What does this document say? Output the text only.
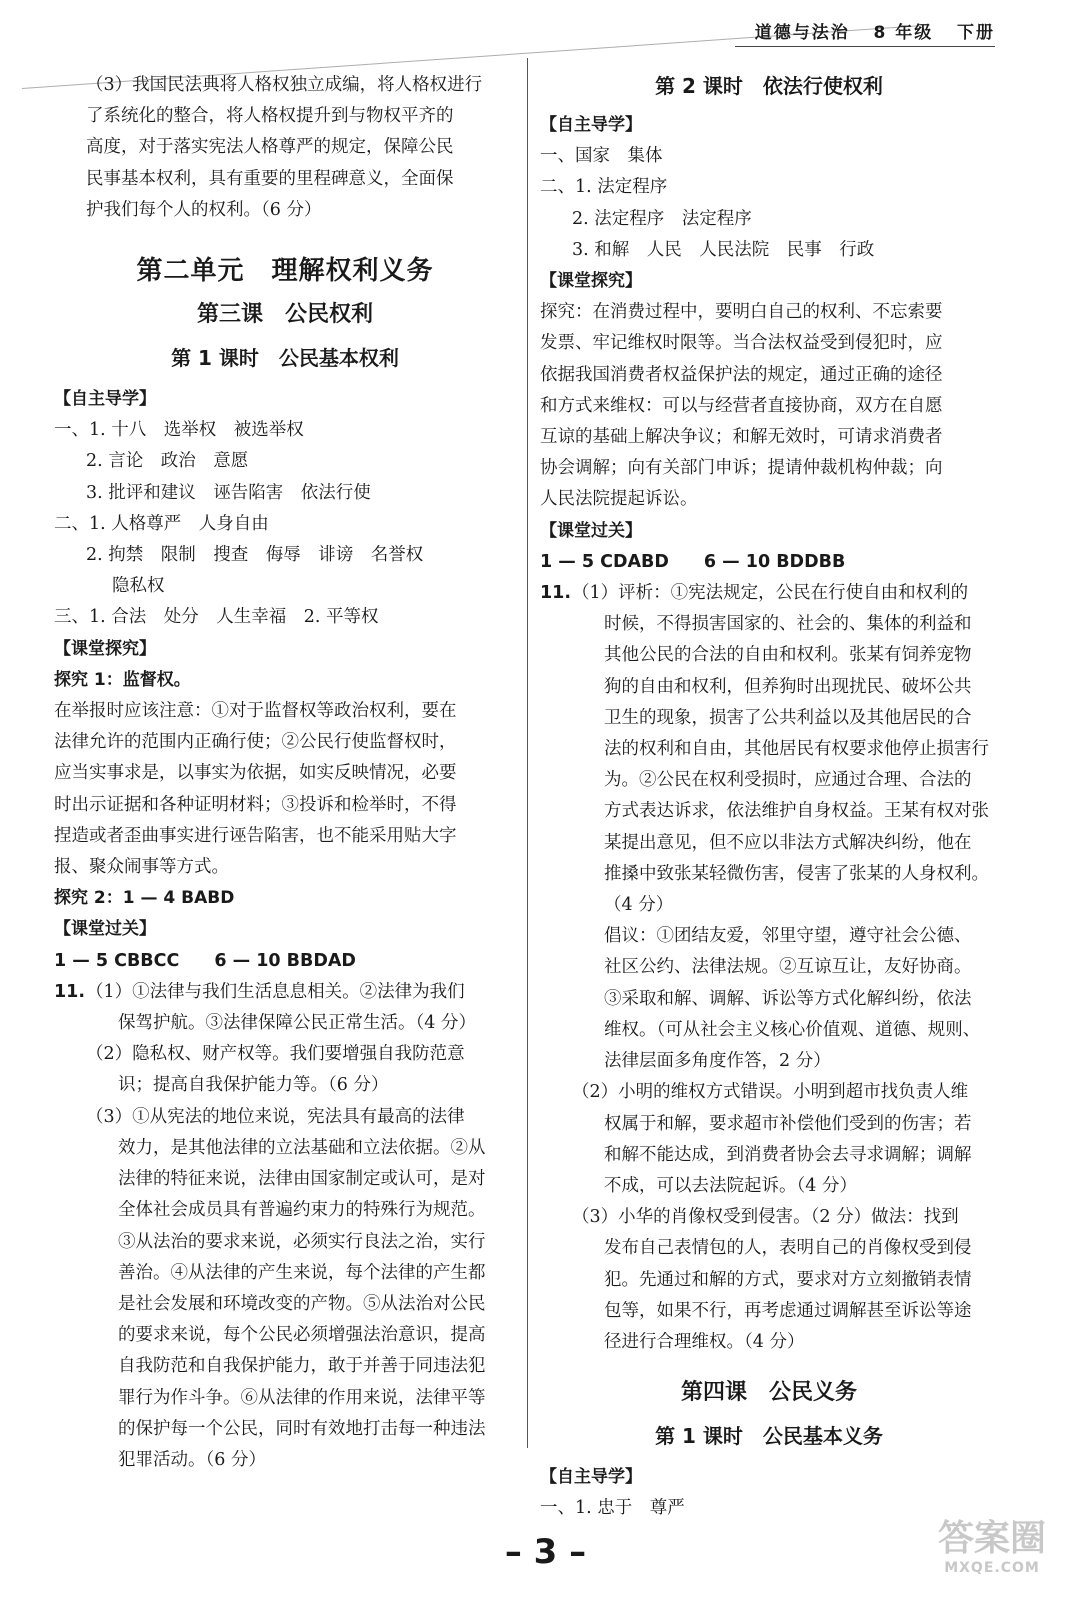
道德与法治 8 年级 下册
（3）我国民法典将人格权独立成编，将人格权进行
了系统化的整合，将人格权提升到与物权平齐的
高度，对于落实宪法人格尊严的规定，保障公民
民事基本权利，具有重要的里程碑意义，全面保
护我们每个人的权利。（6 分）
第二单元　理解权利义务
第三课　公民权利
第 1 课时　公民基本权利
【自主导学】
一、1. 十八　选举权　被选举权
2. 言论　政治　意愿
3. 批评和建议　诬告陷害　依法行使
二、1. 人格尊严　人身自由
2. 拘禁　限制　搜查　侮辱　诽谤　名誉权
隐私权
三、1. 合法　处分　人生幸福　2. 平等权
【课堂探究】
探究 1：监督权。
在举报时应该注意：①对于监督权等政治权利，要在
法律允许的范围内正确行使；②公民行使监督权时，
应当实事求是，以事实为依据，如实反映情况，必要
时出示证据和各种证明材料；③投诉和检举时，不得
捏造或者歪曲事实进行诬告陷害，也不能采用贴大字
报、聚众闹事等方式。
探究 2：1 — 4 BABD
【课堂过关】
1 — 5 CBBCC　　6 — 10 BBDAD
11. （1）①法律与我们生活息息相关。②法律为我们
保驾护航。③法律保障公民正常生活。（4 分）
（2）隐私权、财产权等。我们要增强自我防范意
识；提高自我保护能力等。（6 分）
（3）①从宪法的地位来说，宪法具有最高的法律
效力，是其他法律的立法基础和立法依据。②从
法律的特征来说，法律由国家制定或认可，是对
全体社会成员具有普遍约束力的特殊行为规范。
③从法治的要求来说，必须实行良法之治，实行
善治。④从法律的产生来说，每个法律的产生都
是社会发展和环境改变的产物。⑤从法治对公民
的要求来说，每个公民必须增强法治意识，提高
自我防范和自我保护能力，敢于并善于同违法犯
罪行为作斗争。⑥从法律的作用来说，法律平等
的保护每一个公民，同时有效地打击每一种违法
犯罪活动。（6 分）
第 2 课时　依法行使权利
【自主导学】
一、国家　集体
二、1. 法定程序
2. 法定程序　法定程序
3. 和解　人民　人民法院　民事　行政
【课堂探究】
探究：在消费过程中，要明白自己的权利、不忘索要
发票、牢记维权时限等。当合法权益受到侵犯时，应
依据我国消费者权益保护法的规定，通过正确的途径
和方式来维权：可以与经营者直接协商，双方在自愿
互谅的基础上解决争议；和解无效时，可请求消费者
协会调解；向有关部门申诉；提请仲裁机构仲裁；向
人民法院提起诉讼。
【课堂过关】
1 — 5 CDABD　　6 — 10 BDDBB
11. （1）评析：①宪法规定，公民在行使自由和权利的
时候，不得损害国家的、社会的、集体的利益和
其他公民的合法的自由和权利。张某有饲养宠物
狗的自由和权利，但养狗时出现扰民、破坏公共
卫生的现象，损害了公共利益以及其他居民的合
法的权利和自由，其他居民有权要求他停止损害行
为。②公民在权利受损时，应通过合理、合法的
方式表达诉求，依法维护自身权益。王某有权对张
某提出意见，但不应以非法方式解决纠纷，他在
推搡中致张某轻微伤害，侵害了张某的人身权利。
（4 分）
倡议：①团结友爱，邻里守望，遵守社会公德、
社区公约、法律法规。②互谅互让，友好协商。
③采取和解、调解、诉讼等方式化解纠纷，依法
维权。（可从社会主义核心价值观、道德、规则、
法律层面多角度作答，2 分）
（2）小明的维权方式错误。小明到超市找负责人维
权属于和解，要求超市补偿他们受到的伤害；若
和解不能达成，到消费者协会去寻求调解；调解
不成，可以去法院起诉。（4 分）
（3）小华的肖像权受到侵害。（2 分）做法：找到
发布自己表情包的人，表明自己的肖像权受到侵
犯。先通过和解的方式，要求对方立刻撤销表情
包等，如果不行，再考虑通过调解甚至诉讼等途
径进行合理维权。（4 分）
第四课　公民义务
第 1 课时　公民基本义务
【自主导学】
一、1. 忠于　尊严
– 3 –	答案圈
MXQE.COM
